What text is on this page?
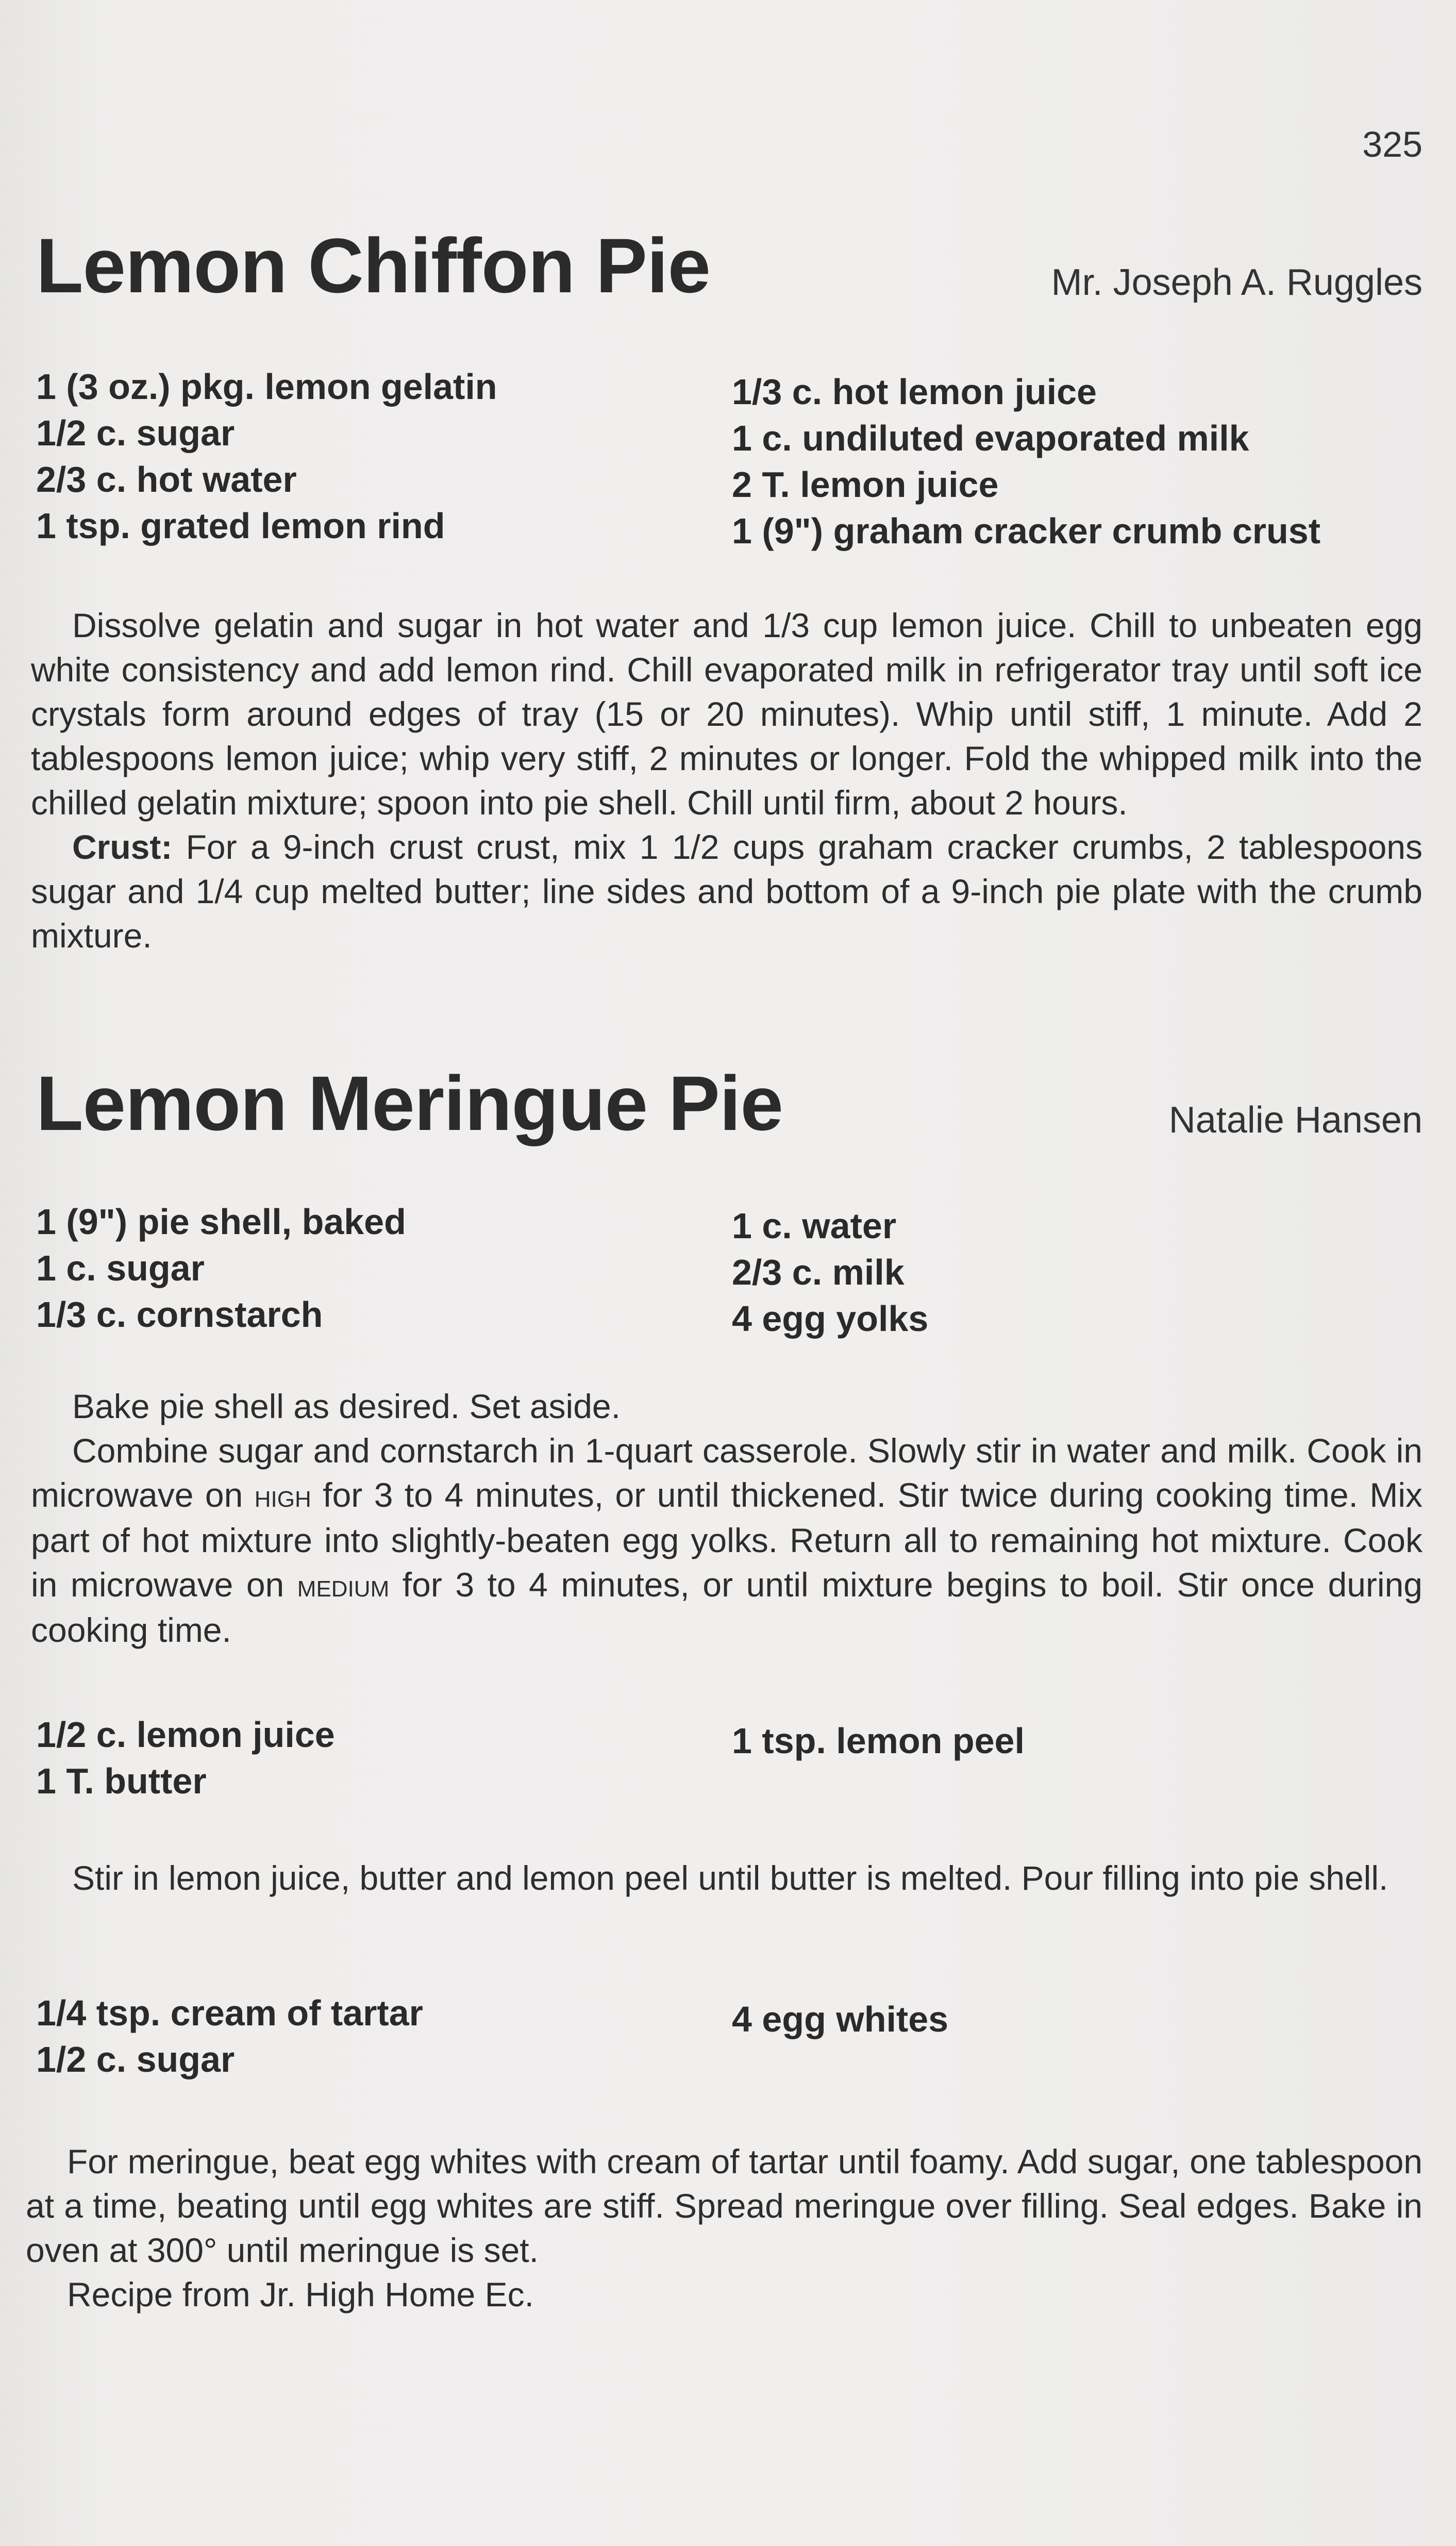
325
Lemon Chiffon Pie	Mr. Joseph A. Ruggles
1 (3 oz.) pkg. lemon gelatin
1/2 c. sugar
2/3 c. hot water
1 tsp. grated lemon rind
1/3 c. hot lemon juice
1 c. undiluted evaporated milk
2 T. lemon juice
1 (9") graham cracker crumb crust

Dissolve gelatin and sugar in hot water and 1/3 cup lemon juice. Chill to unbeaten egg white consistency and add lemon rind. Chill evaporated milk in refrigerator tray until soft ice crystals form around edges of tray (15 or 20 minutes). Whip until stiff, 1 minute. Add 2 tablespoons lemon juice; whip very stiff, 2 minutes or longer. Fold the whipped milk into the chilled gelatin mixture; spoon into pie shell. Chill until firm, about 2 hours.

Crust: For a 9-inch crust crust, mix 1 1/2 cups graham cracker crumbs, 2 tablespoons sugar and 1/4 cup melted butter; line sides and bottom of a 9-inch pie plate with the crumb mixture.

Lemon Meringue Pie	Natalie Hansen
1 (9") pie shell, baked
1 c. sugar
1/3 c. cornstarch
1 c. water
2/3 c. milk
4 egg yolks

Bake pie shell as desired. Set aside.

Combine sugar and cornstarch in 1-quart casserole. Slowly stir in water and milk. Cook in microwave on high for 3 to 4 minutes, or until thickened. Stir twice during cooking time. Mix part of hot mixture into slightly-beaten egg yolks. Return all to remaining hot mixture. Cook in microwave on medium for 3 to 4 minutes, or until mixture begins to boil. Stir once during cooking time.

1/2 c. lemon juice
1 T. butter
1 tsp. lemon peel

Stir in lemon juice, butter and lemon peel until butter is melted. Pour filling into pie shell.

1/4 tsp. cream of tartar
1/2 c. sugar
4 egg whites

For meringue, beat egg whites with cream of tartar until foamy. Add sugar, one tablespoon at a time, beating until egg whites are stiff. Spread meringue over filling. Seal edges. Bake in oven at 300° until meringue is set.

Recipe from Jr. High Home Ec.
